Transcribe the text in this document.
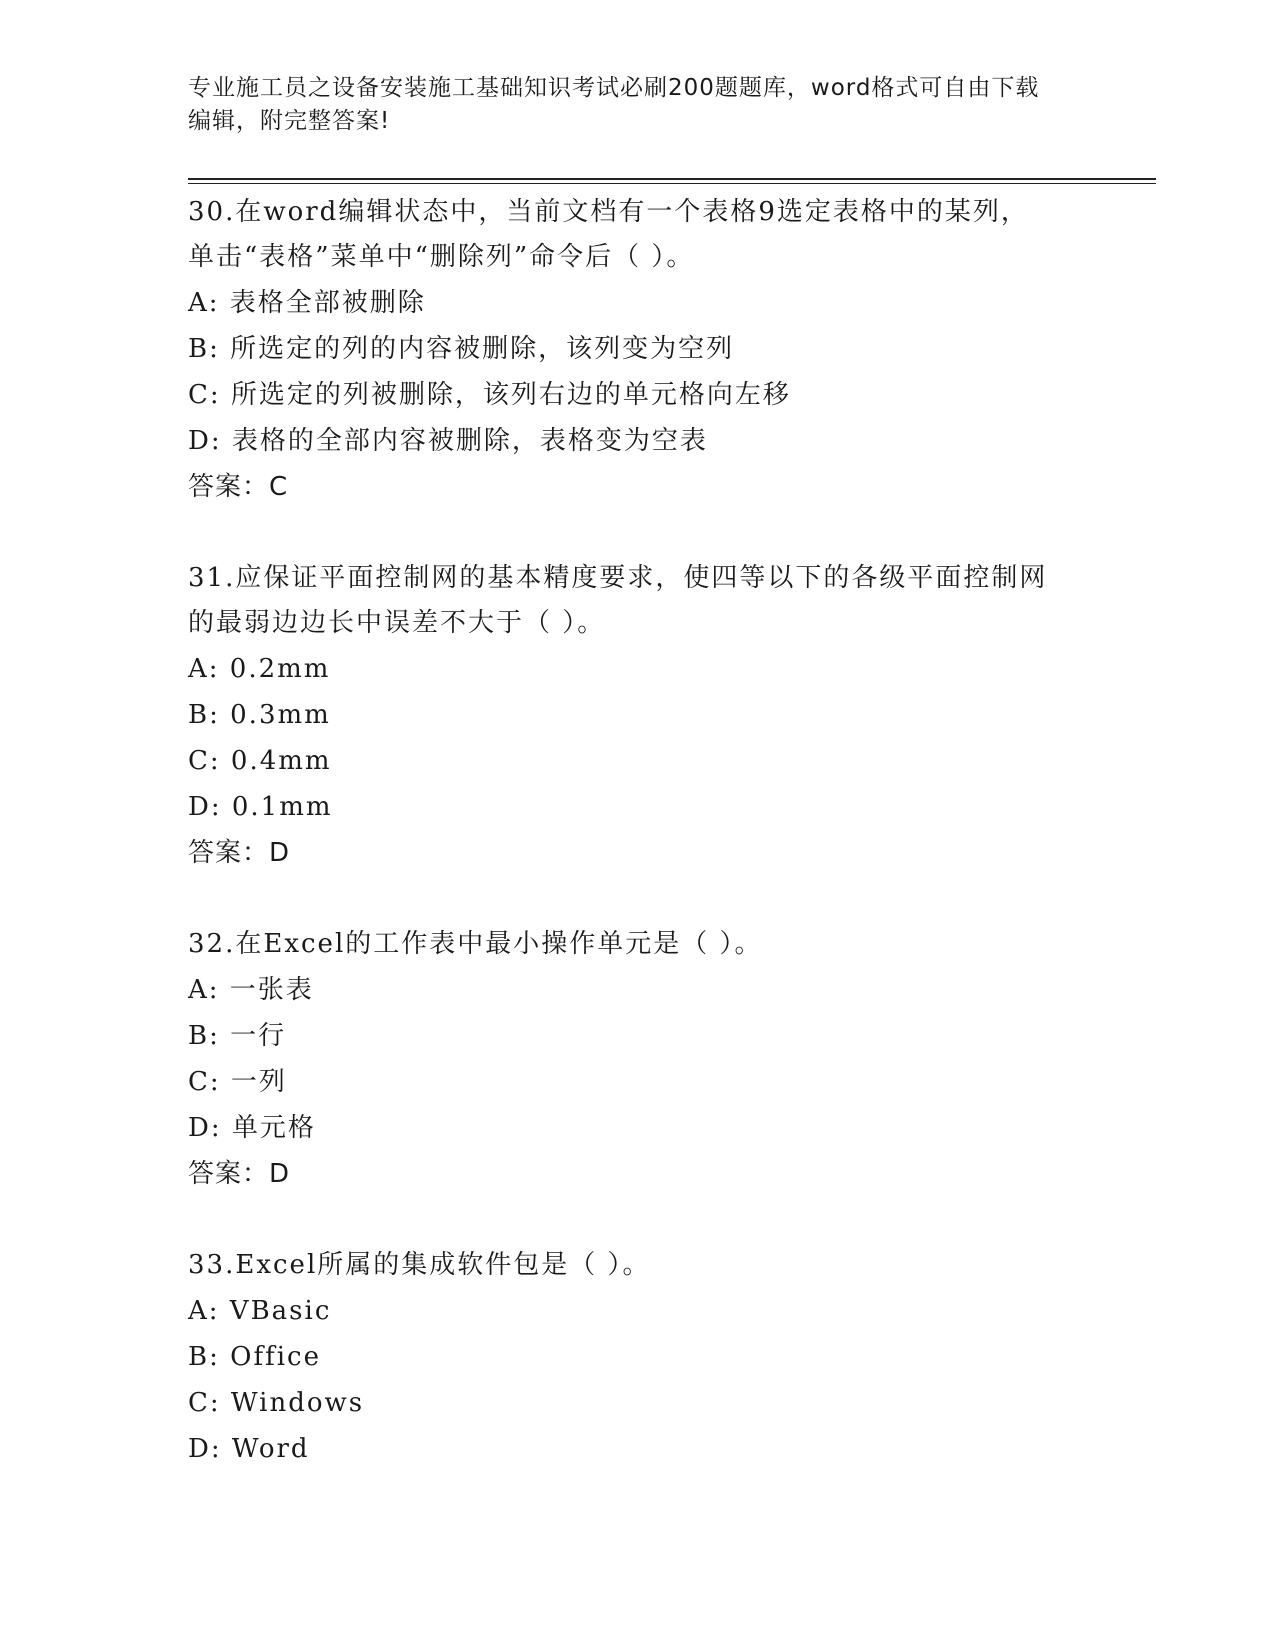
专业施工员之设备安装施工基础知识考试必刷200题题库，word格式可自由下载
编辑，附完整答案!

30.在word编辑状态中，当前文档有一个表格9选定表格中的某列，

单击“表格”菜单中“删除列”命令后（ ）。

A: 表格全部被删除

B: 所选定的列的内容被删除，该列变为空列

C: 所选定的列被删除，该列右边的单元格向左移

D: 表格的全部内容被删除，表格变为空表

答案：C

31.应保证平面控制网的基本精度要求，使四等以下的各级平面控制网

的最弱边边长中误差不大于（ ）。

A: 0.2mm

B: 0.3mm

C: 0.4mm

D: 0.1mm

答案：D

32.在Excel的工作表中最小操作单元是（ ）。

A: 一张表

B: 一行

C: 一列

D: 单元格

答案：D

33.Excel所属的集成软件包是（ ）。

A: VBasic

B: Office

C: Windows

D: Word
